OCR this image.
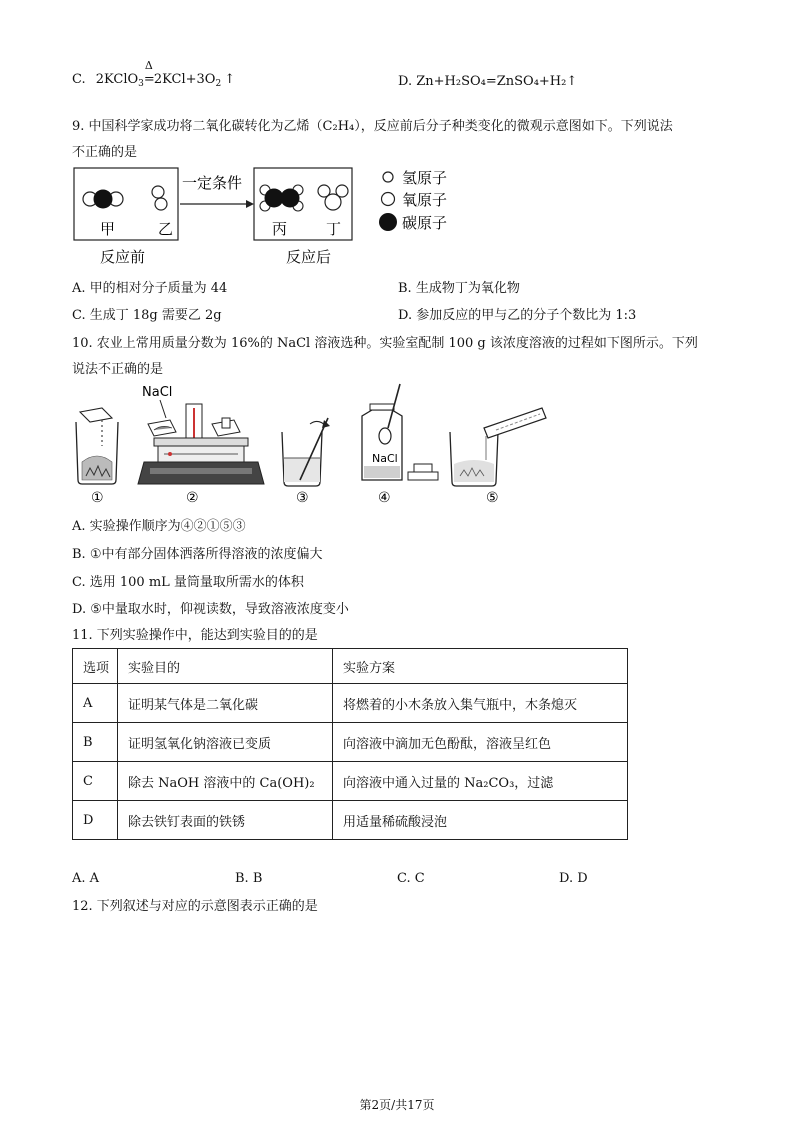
C. 2KClO$_3$
Δ
$=2KCl+3O_2$ ↑	D. Zn+H₂SO₄=ZnSO₄+H₂↑
9. 中国科学家成功将二氧化碳转化为乙烯（C₂H₄），反应前后分子种类变化的微观示意图如下。下列说法
不正确的是
甲	乙
一定条件
丙	丁
反应前	反应后
氢原子
氧原子
碳原子
A. 甲的相对分子质量为 44	B. 生成物丁为氧化物
C. 生成丁 18g 需要乙 2g	D. 参加反应的甲与乙的分子个数比为 1:3
10. 农业上常用质量分数为 16%的 NaCl 溶液选种。实验室配制 100 g 该浓度溶液的过程如下图所示。下列
说法不正确的是
①
NaCl
②	③
NaCl
④	⑤
A. 实验操作顺序为④②①⑤③
B. ①中有部分固体洒落所得溶液的浓度偏大
C. 选用 100 mL 量筒量取所需水的体积
D. ⑤中量取水时，仰视读数，导致溶液浓度变小
11. 下列实验操作中，能达到实验目的的是
选项	实验目的	实验方案
A	证明某气体是二氧化碳	将燃着的小木条放入集气瓶中，木条熄灭
B	证明氢氧化钠溶液已变质	向溶液中滴加无色酚酞，溶液呈红色
C	除去 NaOH 溶液中的 Ca(OH)₂	向溶液中通入过量的 Na₂CO₃，过滤
D	除去铁钉表面的铁锈	用适量稀硫酸浸泡
A. A	B. B	C. C	D. D
12. 下列叙述与对应的示意图表示正确的是
第2页/共17页
